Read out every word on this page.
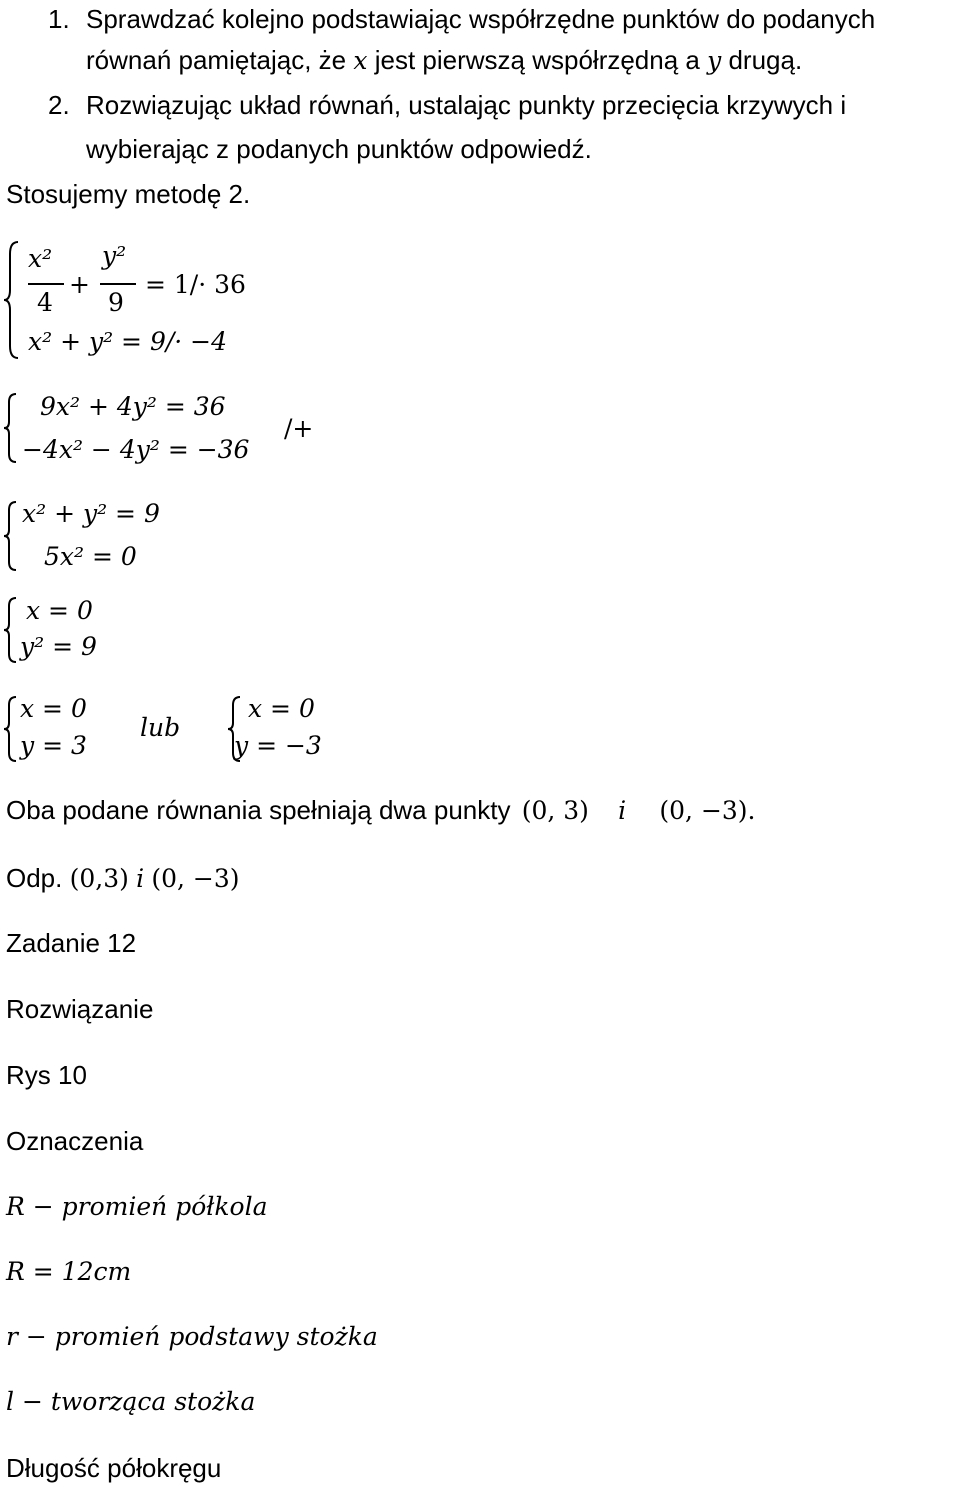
1. Sprawdzać kolejno podstawiając współrzędne punktów do podanych
równań pamiętając, że x jest pierwszą współrzędną a y drugą.
2. Rozwiązując układ równań, ustalając punkty przecięcia krzywych i
wybierając z podanych punktów odpowiedź.
Stosujemy metodę 2.
x²
4
+
y²
9
= 1/· 36
x² + y² = 9/· −4
9x² + 4y² = 36
−4x² − 4y² = −36
/+
x² + y² = 9
5x² = 0
x = 0
y² = 9
x = 0
y = 3
lub
x = 0
y = −3
Oba podane równania spełniają dwa punkty (0, 3) i (0, −3).
Odp. (0,3) i (0, −3)
Zadanie 12
Rozwiązanie
Rys 10
Oznaczenia
R − promień półkola
R = 12cm
r − promień podstawy stożka
l − tworząca stożka
Długość półokręgu
